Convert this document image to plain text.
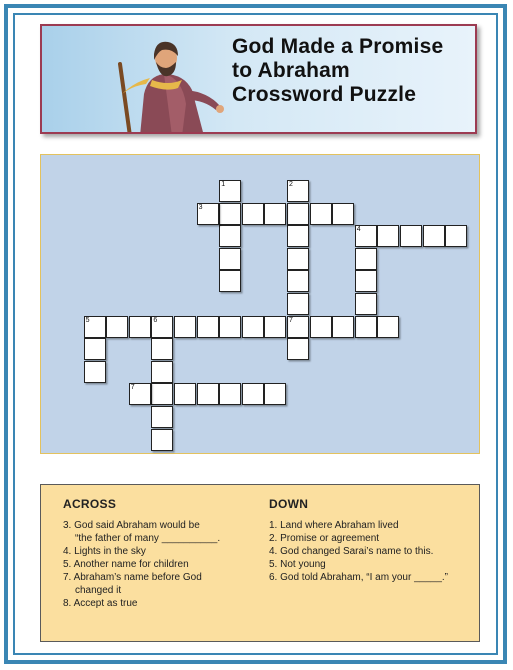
God Made a Promise
to Abraham
Crossword Puzzle
1	2
7
3
4
5	6
7
ACROSS
3. God said Abraham would be
“the father of many __________.
4. Lights in the sky
5. Another name for children
7. Abraham’s name before God
changed it
8. Accept as true
DOWN
1. Land where Abraham lived
2. Promise or agreement
4. God changed Sarai’s name to this.
5. Not young
6. God told Abraham, “I am your _____.”
